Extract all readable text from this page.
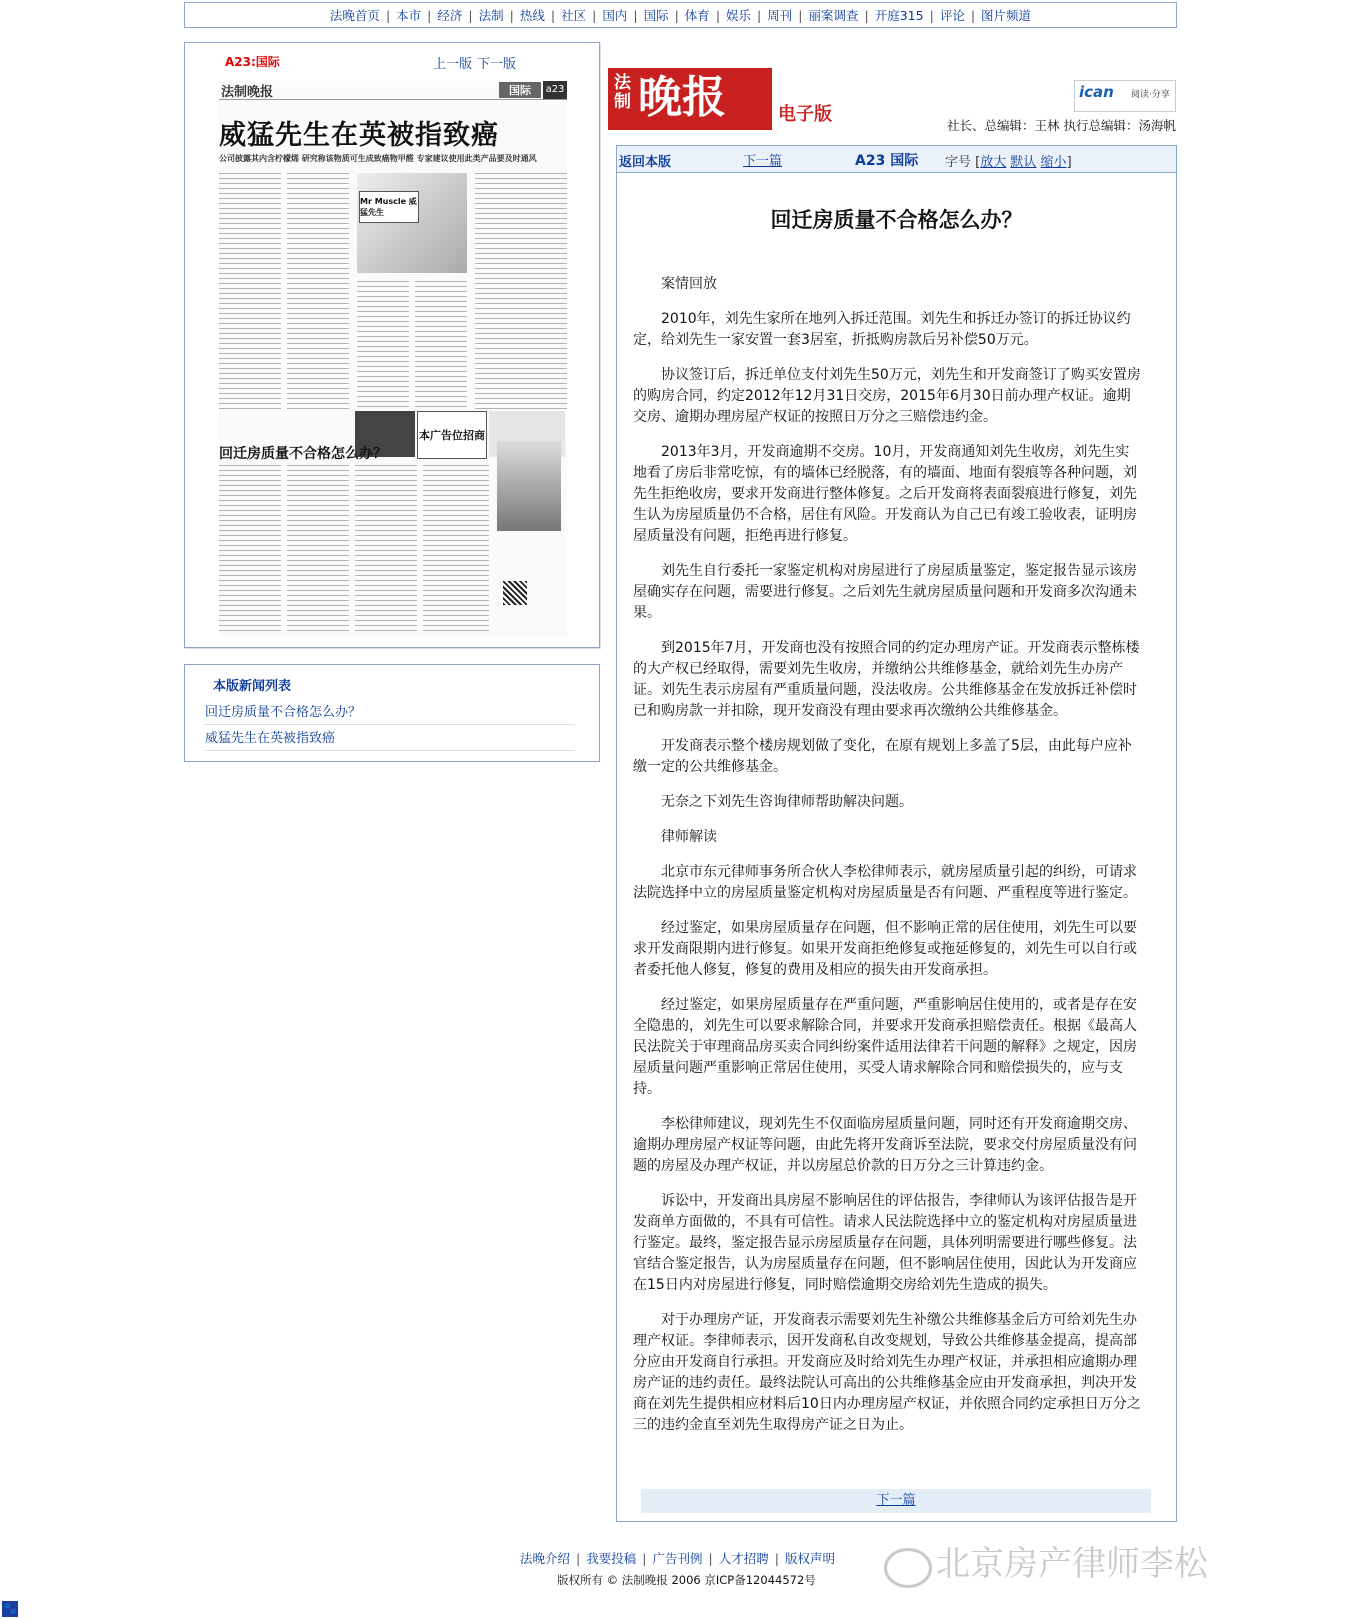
法晚首页 | 本市 | 经济 | 法制 | 热线 | 社区 | 国内 | 国际 | 体育 | 娱乐 | 周刊 | 丽案调查 | 开庭315 | 评论 | 图片频道
A23:国际	上一版 下一版
法制晚报	国际	a23
威猛先生在英被指致癌
公司披露其内含柠檬烯 研究称该物质可生成致癌物甲醛 专家建议使用此类产品要及时通风
Mr Muscle 威猛先生
本广告位招商
回迁房质量不合格怎么办？
本版新闻列表
回迁房质量不合格怎么办？
威猛先生在英被指致癌
法制 晚报	电子版
ican 阅读·分享
社长、总编辑：王林 执行总编辑：汤海帆
返回本版	下一篇	A23 国际 字号 [放大 默认 缩小]
回迁房质量不合格怎么办？

案情回放

2010年，刘先生家所在地列入拆迁范围。刘先生和拆迁办签订的拆迁协议约定，给刘先生一家安置一套3居室，折抵购房款后另补偿50万元。

协议签订后，拆迁单位支付刘先生50万元，刘先生和开发商签订了购买安置房的购房合同，约定2012年12月31日交房，2015年6月30日前办理产权证。逾期交房、逾期办理房屋产权证的按照日万分之三赔偿违约金。

2013年3月，开发商逾期不交房。10月，开发商通知刘先生收房，刘先生实地看了房后非常吃惊，有的墙体已经脱落，有的墙面、地面有裂痕等各种问题，刘先生拒绝收房，要求开发商进行整体修复。之后开发商将表面裂痕进行修复，刘先生认为房屋质量仍不合格，居住有风险。开发商认为自己已有竣工验收表，证明房屋质量没有问题，拒绝再进行修复。

刘先生自行委托一家鉴定机构对房屋进行了房屋质量鉴定，鉴定报告显示该房屋确实存在问题，需要进行修复。之后刘先生就房屋质量问题和开发商多次沟通未果。

到2015年7月，开发商也没有按照合同的约定办理房产证。开发商表示整栋楼的大产权已经取得，需要刘先生收房，并缴纳公共维修基金，就给刘先生办房产证。刘先生表示房屋有严重质量问题，没法收房。公共维修基金在发放拆迁补偿时已和购房款一并扣除，现开发商没有理由要求再次缴纳公共维修基金。

开发商表示整个楼房规划做了变化，在原有规划上多盖了5层，由此每户应补缴一定的公共维修基金。

无奈之下刘先生咨询律师帮助解决问题。

律师解读

北京市东元律师事务所合伙人李松律师表示，就房屋质量引起的纠纷，可请求法院选择中立的房屋质量鉴定机构对房屋质量是否有问题、严重程度等进行鉴定。

经过鉴定，如果房屋质量存在问题，但不影响正常的居住使用，刘先生可以要求开发商限期内进行修复。如果开发商拒绝修复或拖延修复的，刘先生可以自行或者委托他人修复，修复的费用及相应的损失由开发商承担。

经过鉴定，如果房屋质量存在严重问题，严重影响居住使用的，或者是存在安全隐患的，刘先生可以要求解除合同，并要求开发商承担赔偿责任。根据《最高人民法院关于审理商品房买卖合同纠纷案件适用法律若干问题的解释》之规定，因房屋质量问题严重影响正常居住使用，买受人请求解除合同和赔偿损失的，应与支持。

李松律师建议，现刘先生不仅面临房屋质量问题，同时还有开发商逾期交房、逾期办理房屋产权证等问题，由此先将开发商诉至法院，要求交付房屋质量没有问题的房屋及办理产权证，并以房屋总价款的日万分之三计算违约金。

诉讼中，开发商出具房屋不影响居住的评估报告，李律师认为该评估报告是开发商单方面做的，不具有可信性。请求人民法院选择中立的鉴定机构对房屋质量进行鉴定。最终，鉴定报告显示房屋质量存在问题，具体列明需要进行哪些修复。法官结合鉴定报告，认为房屋质量存在问题，但不影响居住使用，因此认为开发商应在15日内对房屋进行修复，同时赔偿逾期交房给刘先生造成的损失。

对于办理房产证，开发商表示需要刘先生补缴公共维修基金后方可给刘先生办理产权证。李律师表示，因开发商私自改变规划，导致公共维修基金提高，提高部分应由开发商自行承担。开发商应及时给刘先生办理产权证，并承担相应逾期办理房产证的违约责任。最终法院认可高出的公共维修基金应由开发商承担，判决开发商在刘先生提供相应材料后10日内办理房屋产权证，并依照合同约定承担日万分之三的违约金直至刘先生取得房产证之日为止。

下一篇
法晚介绍 | 我要投稿 | 广告刊例 | 人才招聘 | 版权声明
版权所有 © 法制晚报 2006 京ICP备12044572号	北京房产律师李松
🐾
